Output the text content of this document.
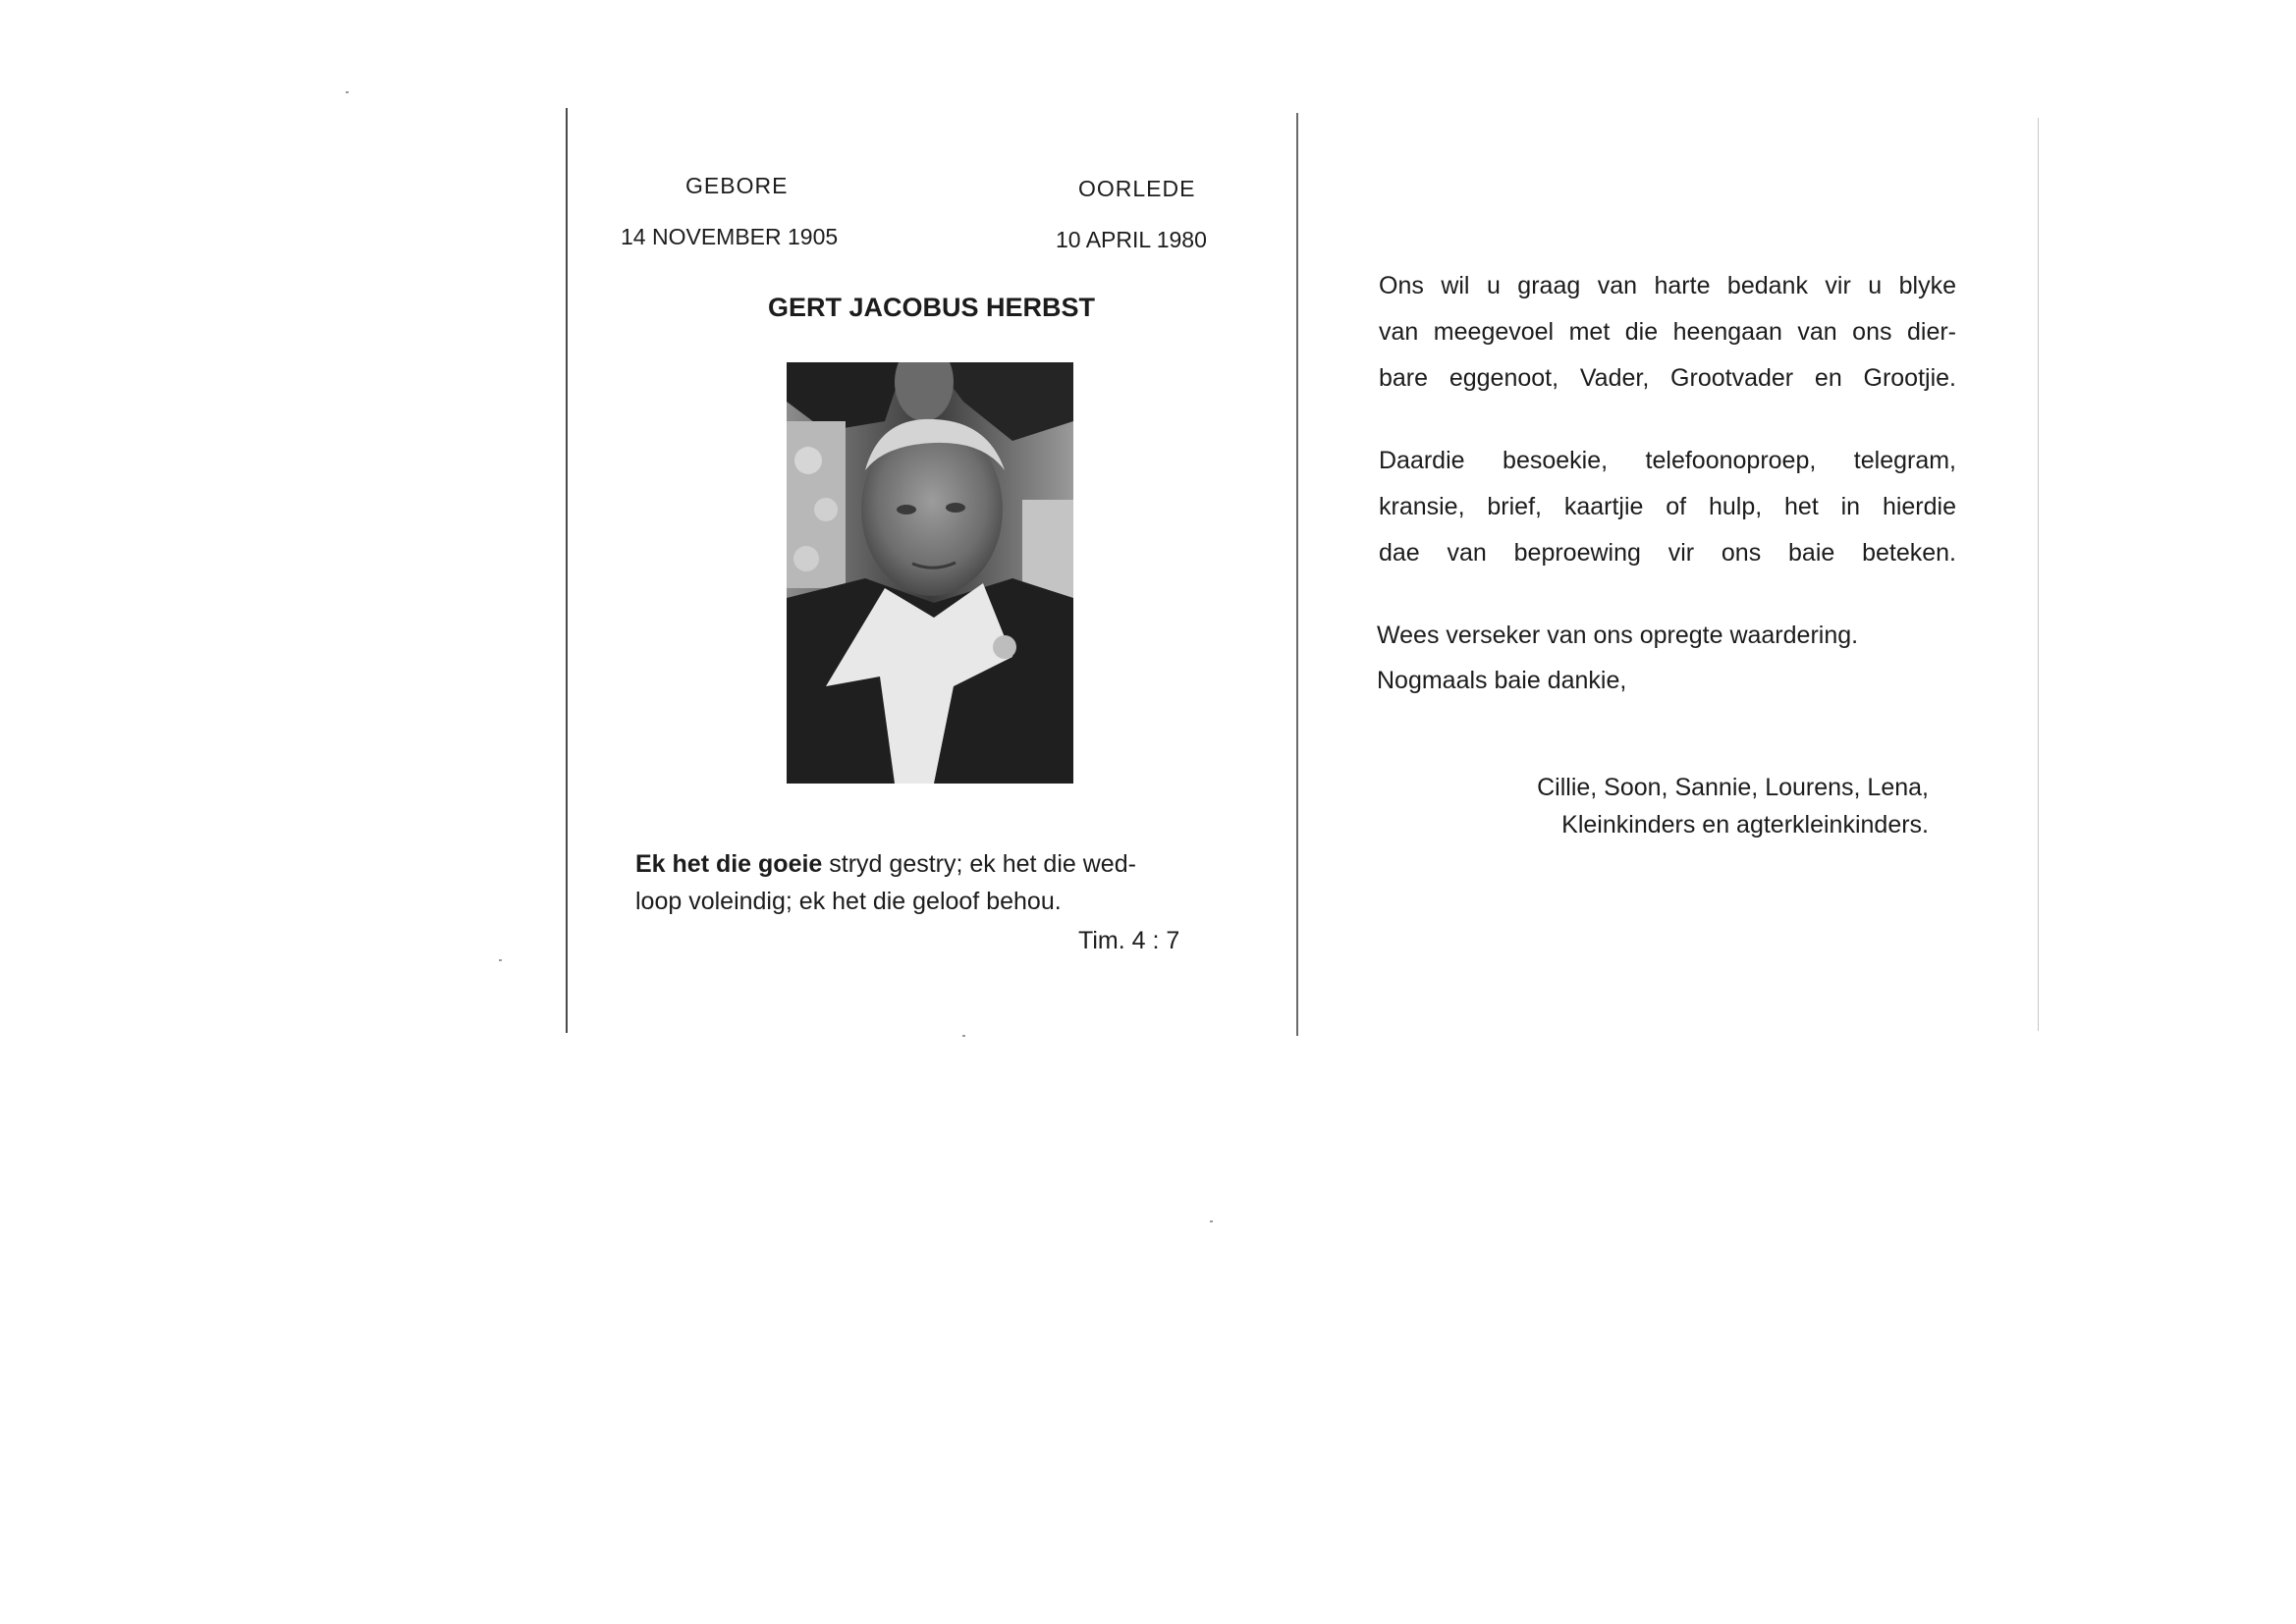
GEBORE	OORLEDE
14 NOVEMBER 1905	10 APRIL 1980
GERT JACOBUS HERBST
Ek het die goeie stryd gestry; ek het die wed-
loop voleindig; ek het die geloof behou.
Tim. 4 : 7
Ons wil u graag van harte bedank vir u blyke
van meegevoel met die heengaan van ons dier-
bare eggenoot, Vader, Grootvader en Grootjie.
Daardie besoekie, telefoonoproep, telegram,
kransie, brief, kaartjie of hulp, het in hierdie
dae van beproewing vir ons baie beteken.
Wees verseker van ons opregte waardering.
Nogmaals baie dankie,
Cillie, Soon, Sannie, Lourens, Lena,
Kleinkinders en agterkleinkinders.
